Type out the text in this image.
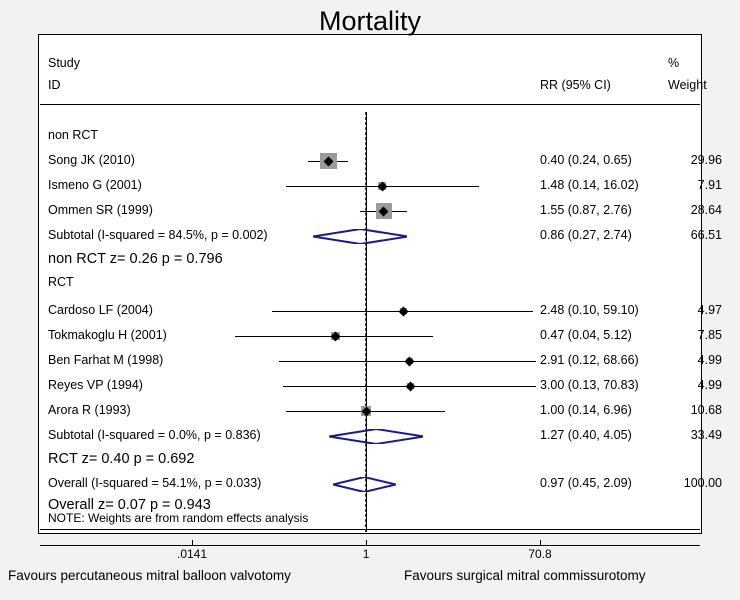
Mortality
Study
ID	RR (95% CI)
%
Weight
non RCT
Song JK (2010)	0.40 (0.24, 0.65)	29.96
Ismeno G (2001)	1.48 (0.14, 16.02)	7.91
Ommen SR (1999)	1.55 (0.87, 2.76)	28.64
Subtotal (I-squared = 84.5%, p = 0.002)	0.86 (0.27, 2.74)	66.51
non RCT z= 0.26 p = 0.796
RCT
Cardoso LF (2004)	2.48 (0.10, 59.10)	4.97
Tokmakoglu H (2001)	0.47 (0.04, 5.12)	7.85
Ben Farhat M (1998)	2.91 (0.12, 68.66)	4.99
Reyes VP (1994)	3.00 (0.13, 70.83)	4.99
Arora R (1993)	1.00 (0.14, 6.96)	10.68
Subtotal (I-squared = 0.0%, p = 0.836)	1.27 (0.40, 4.05)	33.49
RCT z= 0.40 p = 0.692
Overall (I-squared = 54.1%, p = 0.033)	0.97 (0.45, 2.09)	100.00
Overall z= 0.07 p = 0.943
NOTE: Weights are from random effects analysis
.0141	1	70.8
Favours percutaneous mitral balloon valvotomy	Favours surgical mitral commissurotomy
